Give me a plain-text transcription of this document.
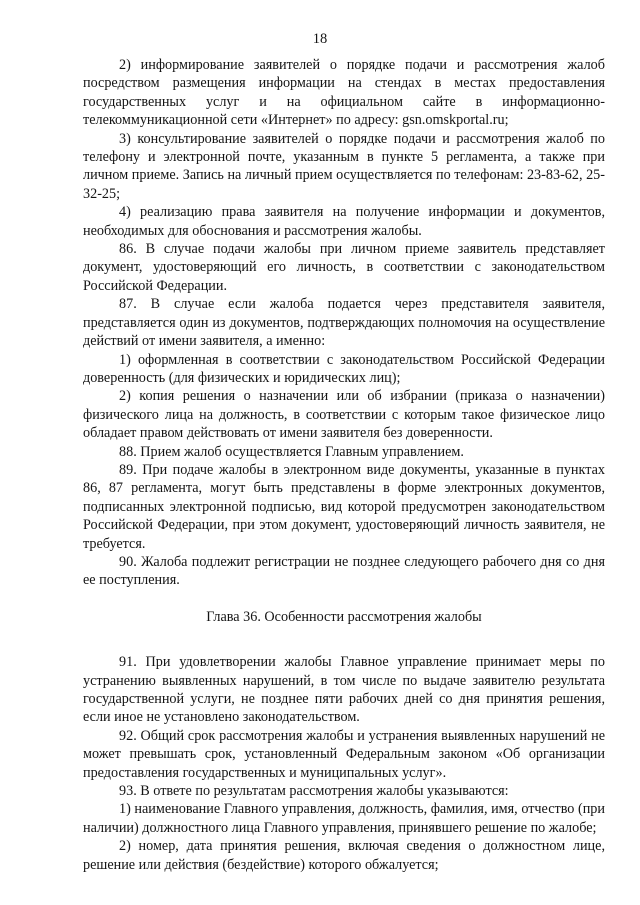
18

2) информирование заявителей о порядке подачи и рассмотрения жалоб посредством размещения информации на стендах в местах предоставления государственных услуг и на официальном сайте в информационно-телекоммуникационной сети «Интернет» по адресу: gsn.omskportal.ru;

3) консультирование заявителей о порядке подачи и рассмотрения жалоб по телефону и электронной почте, указанным в пункте 5 регламента, а также при личном приеме. Запись на личный прием осуществляется по телефонам: 23-83-62, 25-32-25;

4) реализацию права заявителя на получение информации и документов, необходимых для обоснования и рассмотрения жалобы.

86. В случае подачи жалобы при личном приеме заявитель представляет документ, удостоверяющий его личность, в соответствии с законодательством Российской Федерации.

87. В случае если жалоба подается через представителя заявителя, представляется один из документов, подтверждающих полномочия на осуществление действий от имени заявителя, а именно:

1) оформленная в соответствии с законодательством Российской Федерации доверенность (для физических и юридических лиц);

2) копия решения о назначении или об избрании (приказа о назначении) физического лица на должность, в соответствии с которым такое физическое лицо обладает правом действовать от имени заявителя без доверенности.

88. Прием жалоб осуществляется Главным управлением.

89. При подаче жалобы в электронном виде документы, указанные в пунктах 86, 87 регламента, могут быть представлены в форме электронных документов, подписанных электронной подписью, вид которой предусмотрен законодательством Российской Федерации, при этом документ, удостоверяющий личность заявителя, не требуется.

90. Жалоба подлежит регистрации не позднее следующего рабочего дня со дня ее поступления.

Глава 36. Особенности рассмотрения жалобы

91. При удовлетворении жалобы Главное управление принимает меры по устранению выявленных нарушений, в том числе по выдаче заявителю результата государственной услуги, не позднее пяти рабочих дней со дня принятия решения, если иное не установлено законодательством.

92. Общий срок рассмотрения жалобы и устранения выявленных нарушений не может превышать срок, установленный Федеральным законом «Об организации предоставления государственных и муниципальных услуг».

93. В ответе по результатам рассмотрения жалобы указываются:

1) наименование Главного управления, должность, фамилия, имя, отчество (при наличии) должностного лица Главного управления, принявшего решение по жалобе;

2) номер, дата принятия решения, включая сведения о должностном лице, решение или действия (бездействие) которого обжалуется;
